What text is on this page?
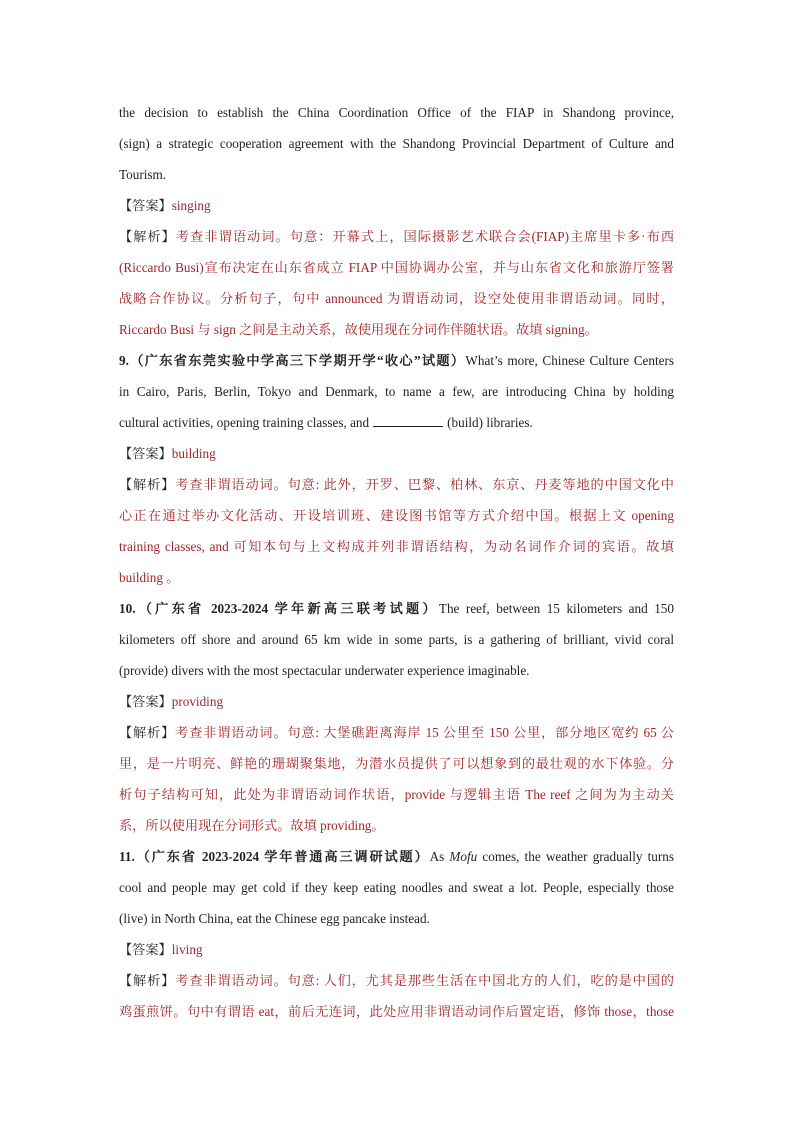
the decision to establish the China Coordination Office of the FIAP in Shandong province,
(sign) a strategic cooperation agreement with the Shandong Provincial Department of Culture and
Tourism.
【答案】singing
【解析】考查非谓语动词。句意：开幕式上，国际摄影艺术联合会(FIAP)主席里卡多·布西
(Riccardo Busi)宣布决定在山东省成立 FIAP 中国协调办公室，并与山东省文化和旅游厅签署
战略合作协议。分析句子，句中 announced 为谓语动词，设空处使用非谓语动词。同时，
Riccardo Busi 与 sign 之间是主动关系，故使用现在分词作伴随状语。故填 signing。
9.（广东省东莞实验中学高三下学期开学“收心”试题）What’s more, Chinese Culture Centers
in Cairo, Paris, Berlin, Tokyo and Denmark, to name a few, are introducing China by holding
cultural activities, opening training classes, and	(build) libraries.
【答案】building
【解析】考查非谓语动词。句意: 此外，开罗、巴黎、柏林、东京、丹麦等地的中国文化中
心正在通过举办文化活动、开设培训班、建设图书馆等方式介绍中国。根据上文 opening
training classes, and 可知本句与上文构成并列非谓语结构，为动名词作介词的宾语。故填
building 。
10.（广东省 2023-2024 学年新高三联考试题）The reef, between 15 kilometers and 150
kilometers off shore and around 65 km wide in some parts, is a gathering of brilliant, vivid coral
(provide) divers with the most spectacular underwater experience imaginable.
【答案】providing
【解析】考查非谓语动词。句意: 大堡礁距离海岸 15 公里至 150 公里，部分地区宽约 65 公
里，是一片明亮、鲜艳的珊瑚聚集地，为潜水员提供了可以想象到的最壮观的水下体验。分
析句子结构可知，此处为非谓语动词作状语，provide 与逻辑主语 The reef 之间为为主动关
系，所以使用现在分词形式。故填 providing。
11.（广东省 2023-2024 学年普通高三调研试题）As Mofu comes, the weather gradually turns
cool and people may get cold if they keep eating noodles and sweat a lot. People, especially those
(live) in North China, eat the Chinese egg pancake instead.
【答案】living
【解析】考查非谓语动词。句意: 人们，尤其是那些生活在中国北方的人们，吃的是中国的
鸡蛋煎饼。句中有谓语 eat，前后无连词，此处应用非谓语动词作后置定语，修饰 those，those
